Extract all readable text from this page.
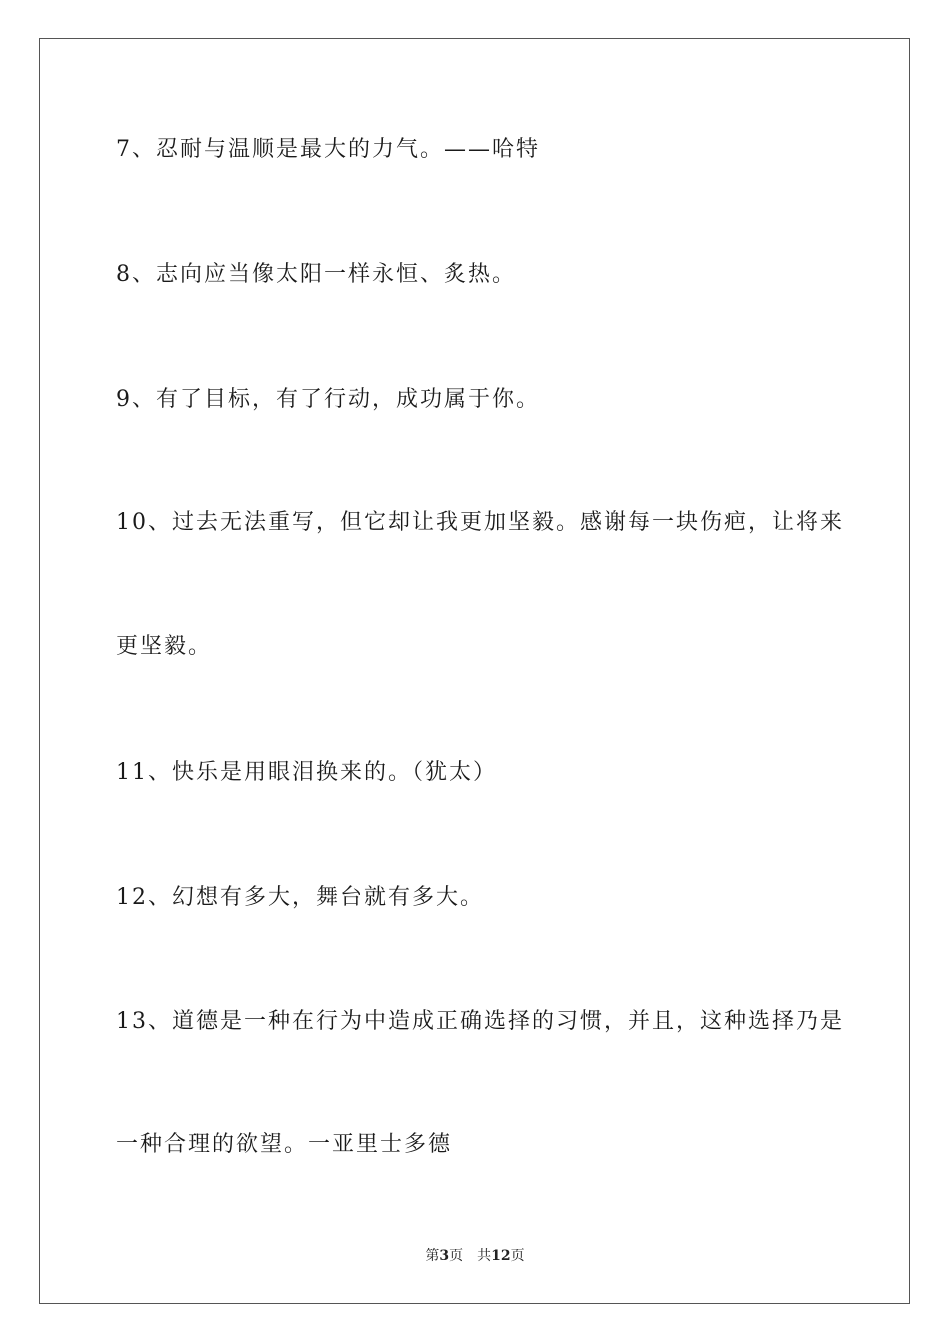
7、忍耐与温顺是最大的力气。——哈特
8、志向应当像太阳一样永恒、炙热。
9、有了目标，有了行动，成功属于你。
10、过去无法重写，但它却让我更加坚毅。感谢每一块伤疤，让将来
更坚毅。
11、快乐是用眼泪换来的。（犹太）
12、幻想有多大，舞台就有多大。
13、道德是一种在行为中造成正确选择的习惯，并且，这种选择乃是
一种合理的欲望。一亚里士多德
第3页 共12页
